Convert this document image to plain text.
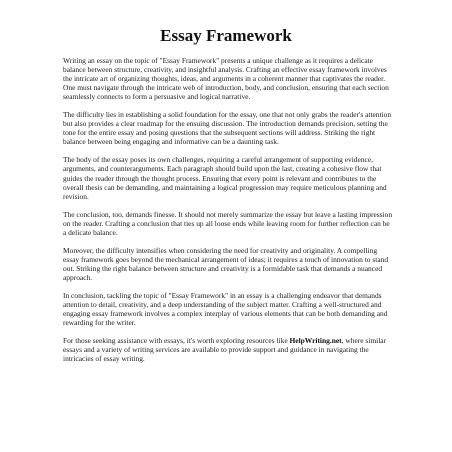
Essay Framework

Writing an essay on the topic of "Essay Framework" presents a unique challenge as it requires a delicate balance between structure, creativity, and insightful analysis. Crafting an effective essay framework involves the intricate art of organizing thoughts, ideas, and arguments in a coherent manner that captivates the reader. One must navigate through the intricate web of introduction, body, and conclusion, ensuring that each section seamlessly connects to form a persuasive and logical narrative.

The difficulty lies in establishing a solid foundation for the essay, one that not only grabs the reader's attention but also provides a clear roadmap for the ensuing discussion. The introduction demands precision, setting the tone for the entire essay and posing questions that the subsequent sections will address. Striking the right balance between being engaging and informative can be a daunting task.

The body of the essay poses its own challenges, requiring a careful arrangement of supporting evidence, arguments, and counterarguments. Each paragraph should build upon the last, creating a cohesive flow that guides the reader through the thought process. Ensuring that every point is relevant and contributes to the overall thesis can be demanding, and maintaining a logical progression may require meticulous planning and revision.

The conclusion, too, demands finesse. It should not merely summarize the essay but leave a lasting impression on the reader. Crafting a conclusion that ties up all loose ends while leaving room for further reflection can be a delicate balance.

Moreover, the difficulty intensifies when considering the need for creativity and originality. A compelling essay framework goes beyond the mechanical arrangement of ideas; it requires a touch of innovation to stand out. Striking the right balance between structure and creativity is a formidable task that demands a nuanced approach.

In conclusion, tackling the topic of "Essay Framework" in an essay is a challenging endeavor that demands attention to detail, creativity, and a deep understanding of the subject matter. Crafting a well-structured and engaging essay framework involves a complex interplay of various elements that can be both demanding and rewarding for the writer.

For those seeking assistance with essays, it's worth exploring resources like HelpWriting.net, where similar essays and a variety of writing services are available to provide support and guidance in navigating the intricacies of essay writing.
